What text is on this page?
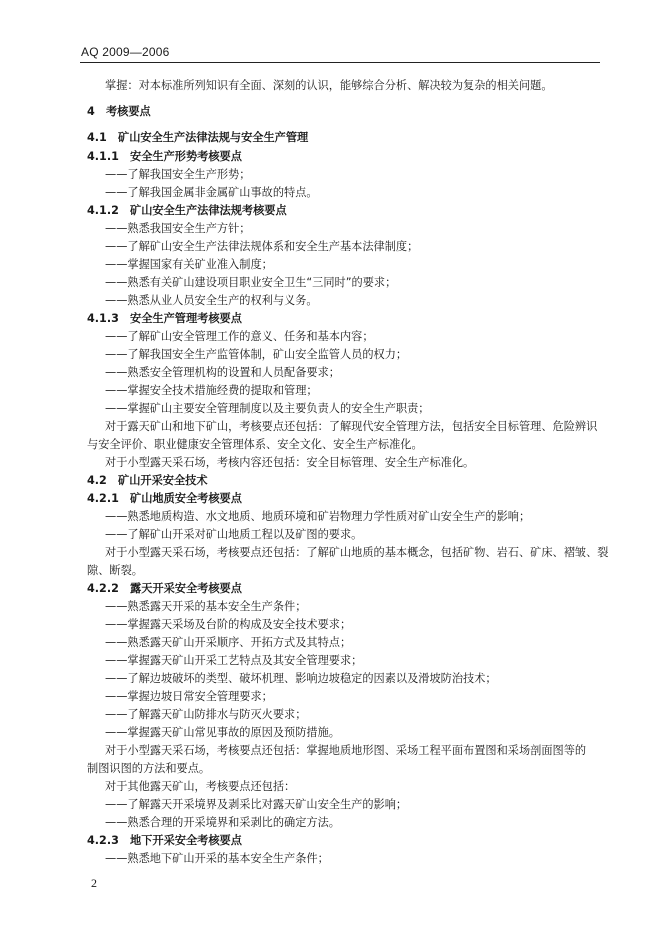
AQ 2009—2006
掌握：对本标准所列知识有全面、深刻的认识，能够综合分析、解决较为复杂的相关问题。
4　考核要点
4.1　矿山安全生产法律法规与安全生产管理
4.1.1　安全生产形势考核要点
——了解我国安全生产形势；
——了解我国金属非金属矿山事故的特点。
4.1.2　矿山安全生产法律法规考核要点
——熟悉我国安全生产方针；
——了解矿山安全生产法律法规体系和安全生产基本法律制度；
——掌握国家有关矿业准入制度；
——熟悉有关矿山建设项目职业安全卫生“三同时”的要求；
——熟悉从业人员安全生产的权利与义务。
4.1.3　安全生产管理考核要点
——了解矿山安全管理工作的意义、任务和基本内容；
——了解我国安全生产监管体制，矿山安全监管人员的权力；
——熟悉安全管理机构的设置和人员配备要求；
——掌握安全技术措施经费的提取和管理；
——掌握矿山主要安全管理制度以及主要负责人的安全生产职责；
对于露天矿山和地下矿山，考核要点还包括：了解现代安全管理方法，包括安全目标管理、危险辨识
与安全评价、职业健康安全管理体系、安全文化、安全生产标准化。
对于小型露天采石场，考核内容还包括：安全目标管理、安全生产标准化。
4.2　矿山开采安全技术
4.2.1　矿山地质安全考核要点
——熟悉地质构造、水文地质、地质环境和矿岩物理力学性质对矿山安全生产的影响；
——了解矿山开采对矿山地质工程以及矿图的要求。
对于小型露天采石场，考核要点还包括：了解矿山地质的基本概念，包括矿物、岩石、矿床、褶皱、裂
隙、断裂。
4.2.2　露天开采安全考核要点
——熟悉露天开采的基本安全生产条件；
——掌握露天采场及台阶的构成及安全技术要求；
——熟悉露天矿山开采顺序、开拓方式及其特点；
——掌握露天矿山开采工艺特点及其安全管理要求；
——了解边坡破坏的类型、破坏机理、影响边坡稳定的因素以及滑坡防治技术；
——掌握边坡日常安全管理要求；
——了解露天矿山防排水与防灭火要求；
——掌握露天矿山常见事故的原因及预防措施。
对于小型露天采石场，考核要点还包括：掌握地质地形图、采场工程平面布置图和采场剖面图等的
制图识图的方法和要点。
对于其他露天矿山，考核要点还包括：
——了解露天开采境界及剥采比对露天矿山安全生产的影响；
——熟悉合理的开采境界和采剥比的确定方法。
4.2.3　地下开采安全考核要点
——熟悉地下矿山开采的基本安全生产条件；
2
